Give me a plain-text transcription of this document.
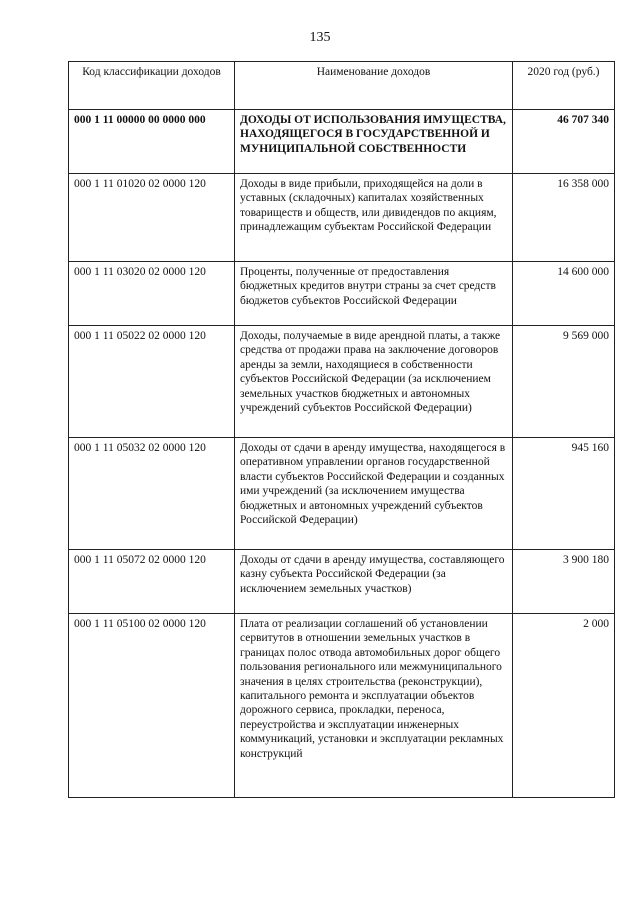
135
Код классификации доходов	Наименование доходов	2020 год (руб.)
000 1 11 00000 00 0000 000	ДОХОДЫ ОТ ИСПОЛЬЗОВАНИЯ ИМУЩЕСТВА, НАХОДЯЩЕГОСЯ В ГОСУДАРСТВЕННОЙ И МУНИЦИПАЛЬНОЙ СОБСТВЕННОСТИ	46 707 340
000 1 11 01020 02 0000 120	Доходы в виде прибыли, приходящейся на доли в уставных (складочных) капиталах хозяйственных товариществ и обществ, или дивидендов по акциям, принадлежащим субъектам Российской Федерации	16 358 000
000 1 11 03020 02 0000 120	Проценты, полученные от предоставления бюджетных кредитов внутри страны за счет средств бюджетов субъектов Российской Федерации	14 600 000
000 1 11 05022 02 0000 120	Доходы, получаемые в виде арендной платы, а также средства от продажи права на заключение договоров аренды за земли, находящиеся в собственности субъектов Российской Федерации (за исключением земельных участков бюджетных и автономных учреждений субъектов Российской Федерации)	9 569 000
000 1 11 05032 02 0000 120	Доходы от сдачи в аренду имущества, находящегося в оперативном управлении органов государственной власти субъектов Российской Федерации и созданных ими учреждений (за исключением имущества бюджетных и автономных учреждений субъектов Российской Федерации)	945 160
000 1 11 05072 02 0000 120	Доходы от сдачи в аренду имущества, составляющего казну субъекта Российской Федерации (за исключением земельных участков)	3 900 180
000 1 11 05100 02 0000 120	Плата от реализации соглашений об установлении сервитутов в отношении земельных участков в границах полос отвода автомобильных дорог общего пользования регионального или межмуниципального значения в целях строительства (реконструкции), капитального ремонта и эксплуатации объектов дорожного сервиса, прокладки, переноса, переустройства и эксплуатации инженерных коммуникаций, установки и эксплуатации рекламных конструкций	2 000
